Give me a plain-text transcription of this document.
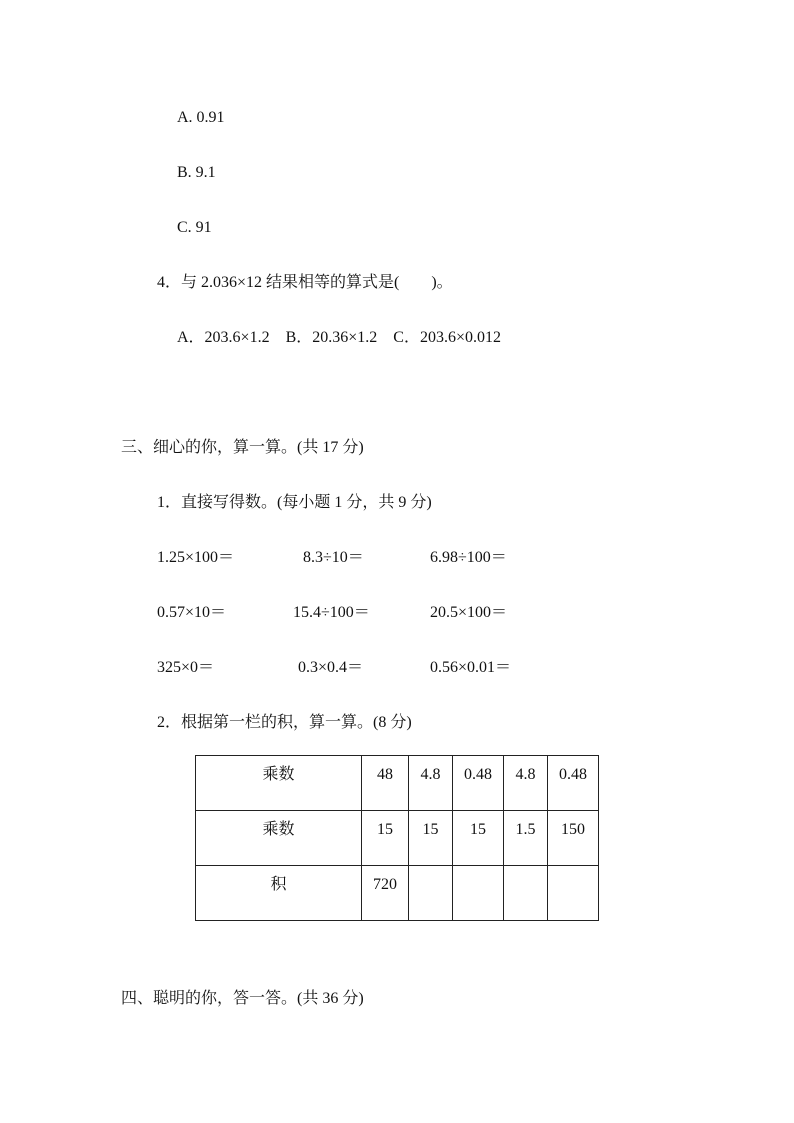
A. 0.91
B. 9.1
C. 91
4．与 2.036×12 结果相等的算式是(　　)。
A．203.6×1.2　B．20.36×1.2　C．203.6×0.012
三、细心的你，算一算。(共 17 分)
1．直接写得数。(每小题 1 分，共 9 分)
1.25×100＝	8.3÷10＝	6.98÷100＝
0.57×10＝	15.4÷100＝	20.5×100＝
325×0＝	0.3×0.4＝	0.56×0.01＝
2．根据第一栏的积，算一算。(8 分)
乘数	48	4.8	0.48	4.8	0.48
乘数	15	15	15	1.5	150
积	720				
四、聪明的你，答一答。(共 36 分)
